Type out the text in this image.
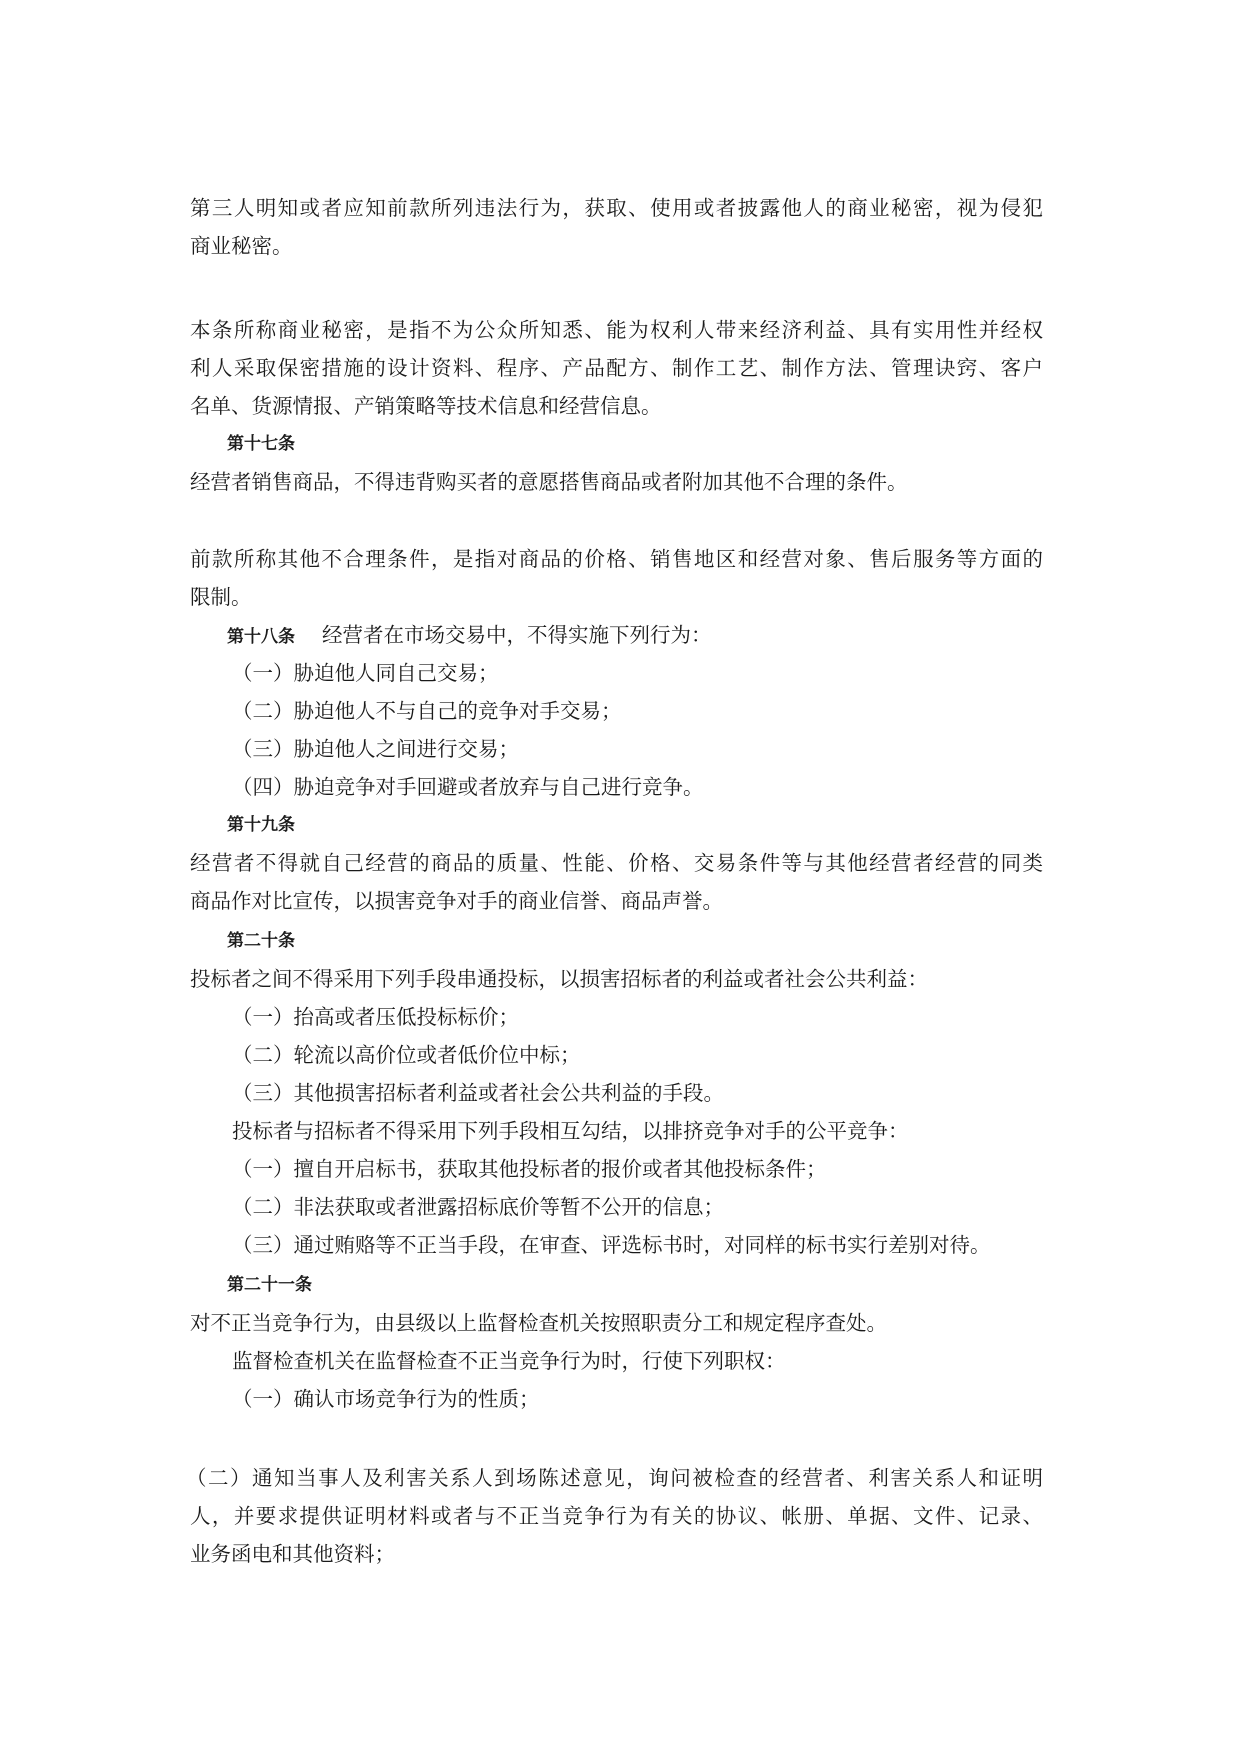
第三人明知或者应知前款所列违法行为，获取、使用或者披露他人的商业秘密，视为侵犯
商业秘密。
本条所称商业秘密，是指不为公众所知悉、能为权利人带来经济利益、具有实用性并经权
利人采取保密措施的设计资料、程序、产品配方、制作工艺、制作方法、管理诀窍、客户
名单、货源情报、产销策略等技术信息和经营信息。
第十七条
经营者销售商品，不得违背购买者的意愿搭售商品或者附加其他不合理的条件。
前款所称其他不合理条件，是指对商品的价格、销售地区和经营对象、售后服务等方面的
限制。
第十八条 经营者在市场交易中，不得实施下列行为：
（一）胁迫他人同自己交易；
（二）胁迫他人不与自己的竞争对手交易；
（三）胁迫他人之间进行交易；
（四）胁迫竞争对手回避或者放弃与自己进行竞争。
第十九条
经营者不得就自己经营的商品的质量、性能、价格、交易条件等与其他经营者经营的同类
商品作对比宣传，以损害竞争对手的商业信誉、商品声誉。
第二十条
投标者之间不得采用下列手段串通投标，以损害招标者的利益或者社会公共利益：
（一）抬高或者压低投标标价；
（二）轮流以高价位或者低价位中标；
（三）其他损害招标者利益或者社会公共利益的手段。
投标者与招标者不得采用下列手段相互勾结，以排挤竞争对手的公平竞争：
（一）擅自开启标书，获取其他投标者的报价或者其他投标条件；
（二）非法获取或者泄露招标底价等暂不公开的信息；
（三）通过贿赂等不正当手段，在审查、评选标书时，对同样的标书实行差别对待。
第二十一条
对不正当竞争行为，由县级以上监督检查机关按照职责分工和规定程序查处。
监督检查机关在监督检查不正当竞争行为时，行使下列职权：
（一）确认市场竞争行为的性质；
（二）通知当事人及利害关系人到场陈述意见，询问被检查的经营者、利害关系人和证明
人，并要求提供证明材料或者与不正当竞争行为有关的协议、帐册、单据、文件、记录、
业务函电和其他资料；
